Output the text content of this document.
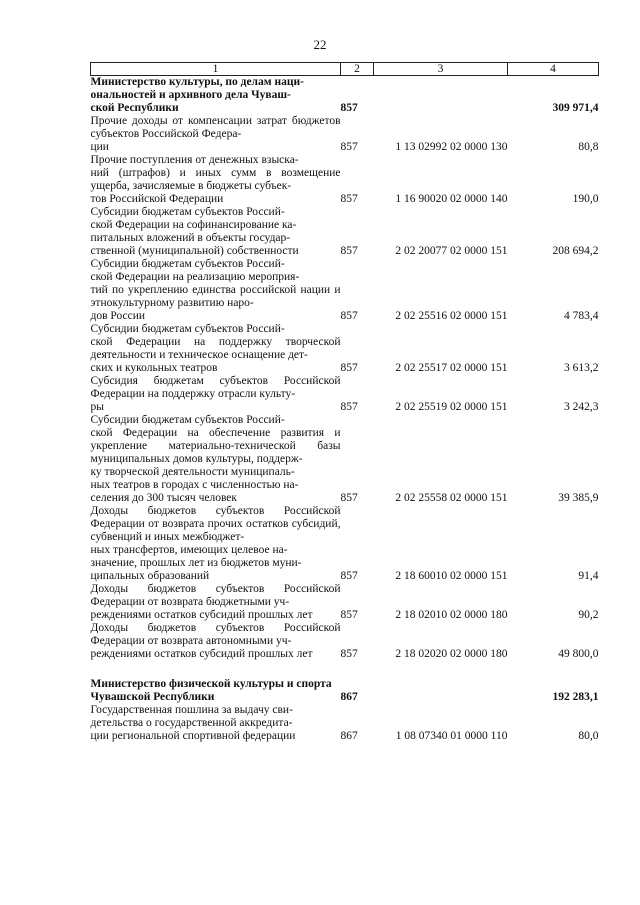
22
1	2	3	4
Министерство культуры, по делам наци-
ональностей и архивного дела Чуваш-
ской Республики	857		309 971,4
Прочие доходы от компенсации затрат бюджетов субъектов Российской Федера-
ции	857	1 13 02992 02 0000 130	80,8
Прочие поступления от денежных взыска-
ний (штрафов) и иных сумм в возмещение ущерба, зачисляемые в бюджеты субъек-
тов Российской Федерации	857	1 16 90020 02 0000 140	190,0
Субсидии бюджетам субъектов Россий-
ской Федерации на софинансирование ка-
питальных вложений в объекты государ-
ственной (муниципальной) собственности	857	2 02 20077 02 0000 151	208 694,2
Субсидии бюджетам субъектов Россий-
ской Федерации на реализацию мероприя-
тий по укреплению единства российской нации и этнокультурному развитию наро-
дов России	857	2 02 25516 02 0000 151	4 783,4
Субсидии бюджетам субъектов Россий-
ской Федерации на поддержку творческой деятельности и техническое оснащение дет-
ских и кукольных театров	857	2 02 25517 02 0000 151	3 613,2
Субсидия бюджетам субъектов Российской Федерации на поддержку отрасли культу-
ры	857	2 02 25519 02 0000 151	3 242,3
Субсидии бюджетам субъектов Россий-
ской Федерации на обеспечение развития и укрепление материально-технической базы муниципальных домов культуры, поддерж-
ку творческой деятельности муниципаль-
ных театров в городах с численностью на-
селения до 300 тысяч человек	857	2 02 25558 02 0000 151	39 385,9
Доходы бюджетов субъектов Российской Федерации от возврата прочих остатков субсидий, субвенций и иных межбюджет-
ных трансфертов, имеющих целевое на-
значение, прошлых лет из бюджетов муни-
ципальных образований	857	2 18 60010 02 0000 151	91,4
Доходы бюджетов субъектов Российской Федерации от возврата бюджетными уч-
реждениями остатков субсидий прошлых лет	857	2 18 02010 02 0000 180	90,2
Доходы бюджетов субъектов Российской Федерации от возврата автономными уч-
реждениями остатков субсидий прошлых лет	857	2 18 02020 02 0000 180	49 800,0

Министерство физической культуры и спорта Чувашской Республики	867		192 283,1
Государственная пошлина за выдачу сви-
детельства о государственной аккредита-
ции региональной спортивной федерации	867	1 08 07340 01 0000 110	80,0
